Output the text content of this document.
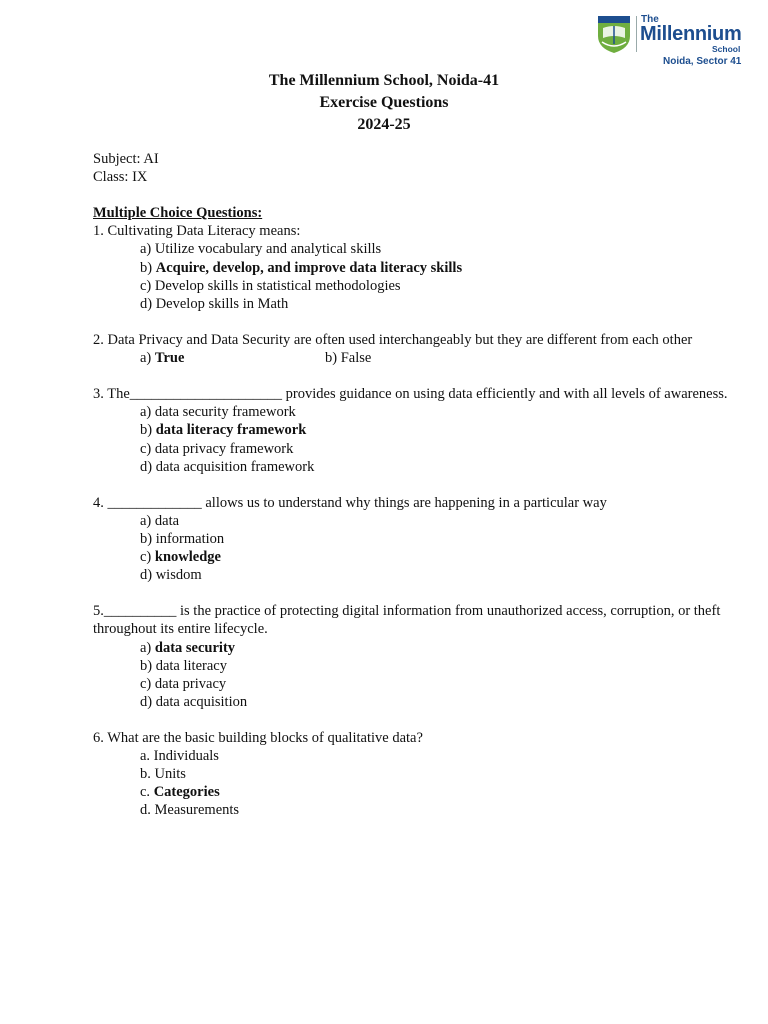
The
Millennium
School
Noida, Sector 41
The Millennium School, Noida-41
Exercise Questions
2024-25
Subject: AI
Class: IX
Multiple Choice Questions:
1. Cultivating Data Literacy means:
a) Utilize vocabulary and analytical skills
b) Acquire, develop, and improve data literacy skills
c) Develop skills in statistical methodologies
d) Develop skills in Math
2. Data Privacy and Data Security are often used interchangeably but they are different from each other
a) True	b) False
3. The_____________________ provides guidance on using data efficiently and with all levels of awareness.
a) data security framework
b) data literacy framework
c) data privacy framework
d) data acquisition framework
4. _____________ allows us to understand why things are happening in a particular way
a) data
b) information
c) knowledge
d) wisdom
5.__________ is the practice of protecting digital information from unauthorized access, corruption, or theft throughout its entire lifecycle.
a) data security
b) data literacy
c) data privacy
d) data acquisition
6. What are the basic building blocks of qualitative data?
a. Individuals
b. Units
c. Categories
d. Measurements
